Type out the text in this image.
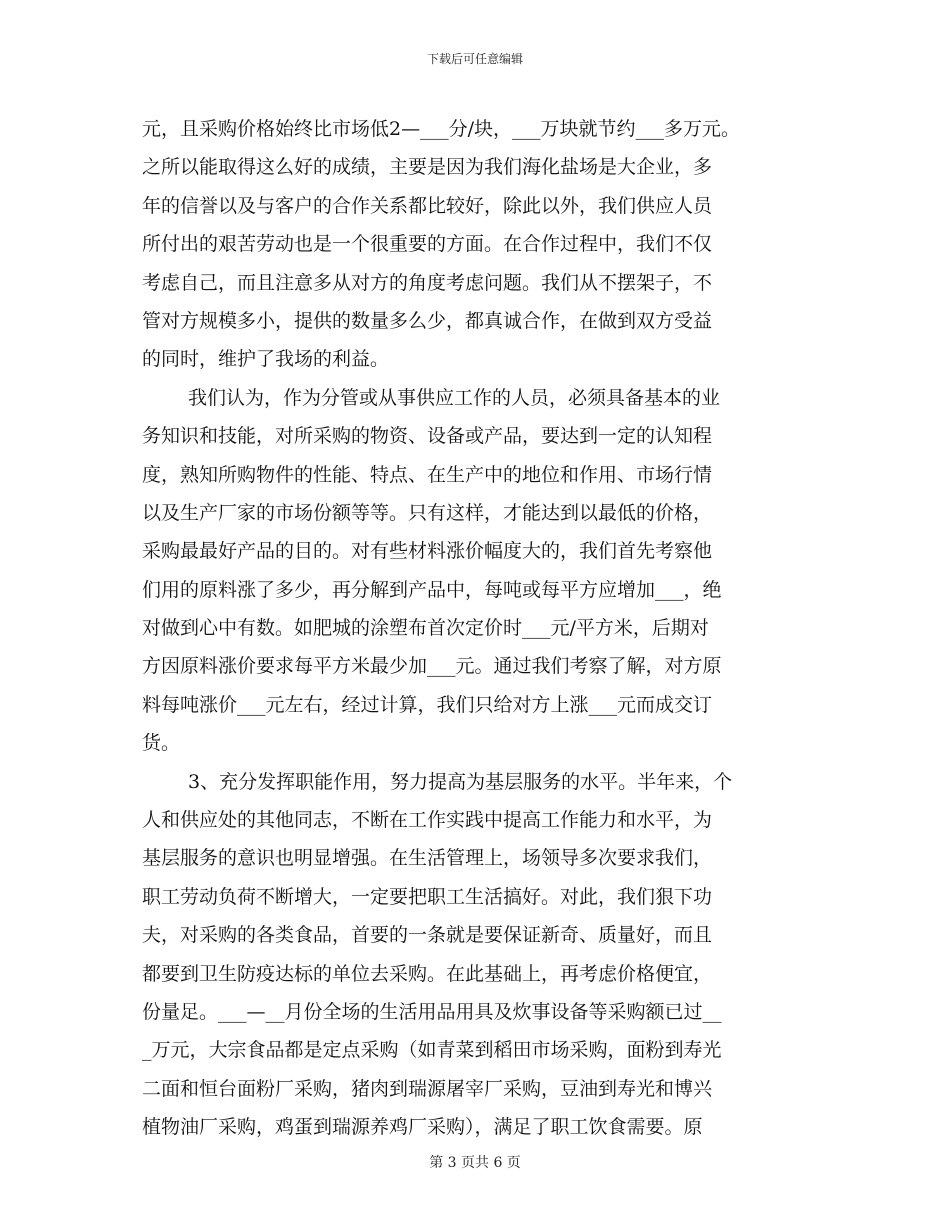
下载后可任意编辑
元，且采购价格始终比市场低2—___分/块，___万块就节约___多万元。
之所以能取得这么好的成绩，主要是因为我们海化盐场是大企业，多
年的信誉以及与客户的合作关系都比较好，除此以外，我们供应人员
所付出的艰苦劳动也是一个很重要的方面。在合作过程中，我们不仅
考虑自己，而且注意多从对方的角度考虑问题。我们从不摆架子，不
管对方规模多小，提供的数量多么少，都真诚合作，在做到双方受益
的同时，维护了我场的利益。
我们认为，作为分管或从事供应工作的人员，必须具备基本的业
务知识和技能，对所采购的物资、设备或产品，要达到一定的认知程
度，熟知所购物件的性能、特点、在生产中的地位和作用、市场行情
以及生产厂家的市场份额等等。只有这样，才能达到以最低的价格，
采购最最好产品的目的。对有些材料涨价幅度大的，我们首先考察他
们用的原料涨了多少，再分解到产品中，每吨或每平方应增加___，绝
对做到心中有数。如肥城的涂塑布首次定价时___元/平方米，后期对
方因原料涨价要求每平方米最少加___元。通过我们考察了解，对方原
料每吨涨价___元左右，经过计算，我们只给对方上涨___元而成交订
货。
3、充分发挥职能作用，努力提高为基层服务的水平。半年来，个
人和供应处的其他同志，不断在工作实践中提高工作能力和水平，为
基层服务的意识也明显增强。在生活管理上，场领导多次要求我们，
职工劳动负荷不断增大，一定要把职工生活搞好。对此，我们狠下功
夫，对采购的各类食品，首要的一条就是要保证新奇、质量好，而且
都要到卫生防疫达标的单位去采购。在此基础上，再考虑价格便宜，
份量足。___—__月份全场的生活用品用具及炊事设备等采购额已过__
_万元，大宗食品都是定点采购（如青菜到稻田市场采购，面粉到寿光
二面和恒台面粉厂采购，猪肉到瑞源屠宰厂采购，豆油到寿光和博兴
植物油厂采购，鸡蛋到瑞源养鸡厂采购），满足了职工饮食需要。原
第 3 页共 6 页
